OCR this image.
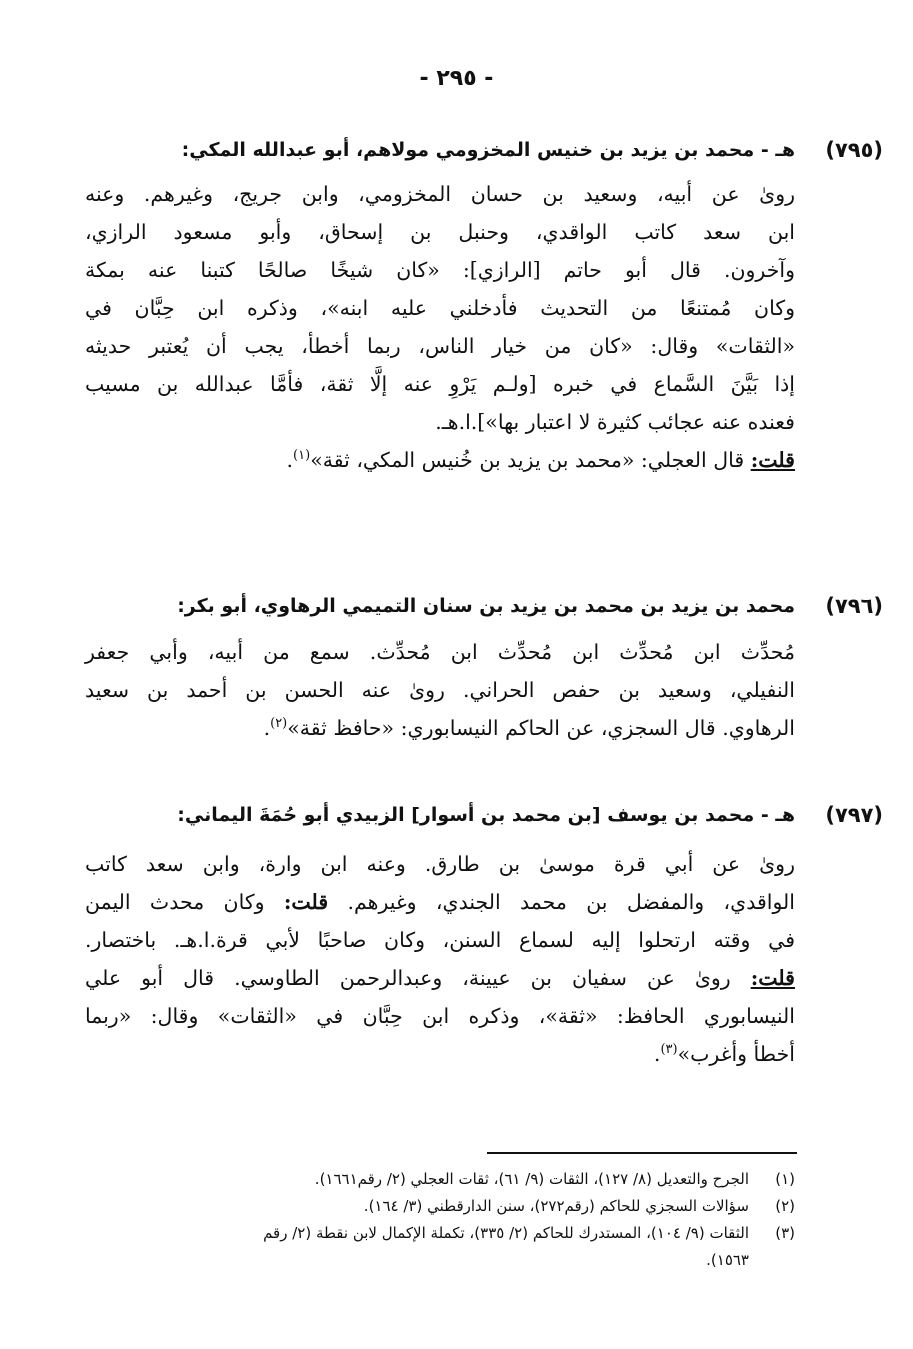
- ٢٩٥ -
(٧٩٥)
هـ - محمد بن يزيد بن خنيس المخزومي مولاهم، أبو عبدالله المكي:
روىٰ عن أبيه، وسعيد بن حسان المخزومي، وابن جريج، وغيرهم. وعنه
ابن سعد كاتب الواقدي، وحنبل بن إسحاق، وأبو مسعود الرازي،
وآخرون. قال أبو حاتم [الرازي]: «كان شيخًا صالحًا كتبنا عنه بمكة
وكان مُمتنعًا من التحديث فأدخلني عليه ابنه»، وذكره ابن حِبَّان في
«الثقات» وقال: «كان من خيار الناس، ربما أخطأ، يجب أن يُعتبر حديثه
إذا بَيَّنَ السَّماع في خبره [ولـم يَرْوِ عنه إلَّا ثقة، فأمَّا عبدالله بن مسيب
فعنده عنه عجائب كثيرة لا اعتبار بها»].ا.هـ.
قلت: قال العجلي: «محمد بن يزيد بن خُنيس المكي، ثقة»$^{(١)}$.
(٧٩٦)
محمد بن يزيد بن محمد بن يزيد بن سنان التميمي الرهاوي، أبو بكر:
مُحدِّث ابن مُحدِّث ابن مُحدِّث ابن مُحدِّث. سمع من أبيه، وأبي جعفر
النفيلي، وسعيد بن حفص الحراني. روىٰ عنه الحسن بن أحمد بن سعيد
الرهاوي. قال السجزي، عن الحاكم النيسابوري: «حافظ ثقة»$^{(٢)}$.
(٧٩٧)
هـ - محمد بن يوسف [بن محمد بن أسوار] الزبيدي أبو حُمَةَ اليماني:
روىٰ عن أبي قرة موسىٰ بن طارق. وعنه ابن وارة، وابن سعد كاتب
الواقدي، والمفضل بن محمد الجندي، وغيرهم. قلت: وكان محدث اليمن
في وقته ارتحلوا إليه لسماع السنن، وكان صاحبًا لأبي قرة.ا.هـ. باختصار.
قلت: روىٰ عن سفيان بن عيينة، وعبدالرحمن الطاوسي. قال أبو علي
النيسابوري الحافظ: «ثقة»، وذكره ابن حِبَّان في «الثقات» وقال: «ربما
أخطأ وأغرب»$^{(٣)}$.
(١)
الجرح والتعديل (٨/ ١٢٧)، الثقات (٩/ ٦١)، ثقات العجلي (٢/ رقم١٦٦١).
(٢)
سؤالات السجزي للحاكم (رقم٢٧٢)، سنن الدارقطني (٣/ ١٦٤).
(٣)
الثقات (٩/ ١٠٤)، المستدرك للحاكم (٢/ ٣٣٥)، تكملة الإكمال لابن نقطة (٢/ رقم
١٥٦٣).
